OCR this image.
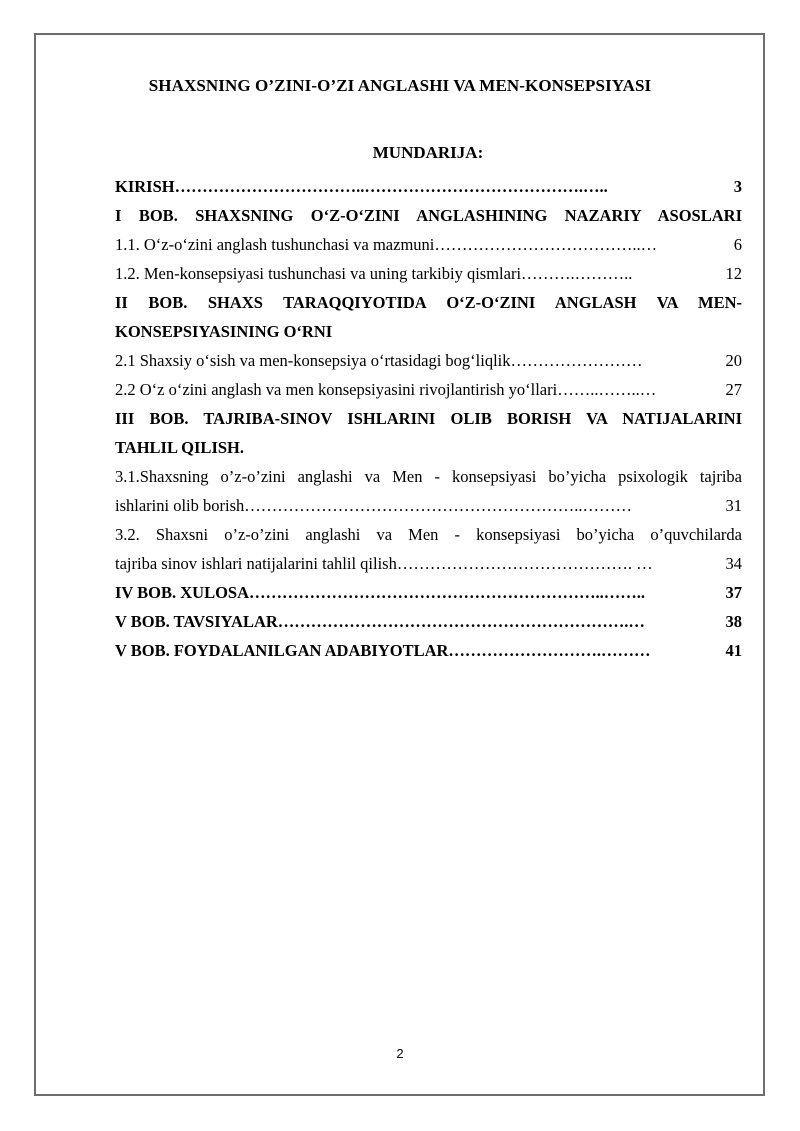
SHAXSNING O’ZINI-O’ZI ANGLASHI VA MEN-KONSEPSIYASI
MUNDARIJA:
KIRISH ……………………………..………………………………….…..	3
I BOB. SHAXSNING O‘Z-O‘ZINI ANGLASHINING NAZARIY ASOSLARI
1.1. O‘z-o‘zini anglash tushunchasi va mazmuni ………………………………..…	6
1.2. Men-konsepsiyasi tushunchasi va uning tarkibiy qismlari ……….………..	12
II BOB. SHAXS TARAQQIYOTIDA O‘Z-O‘ZINI ANGLASH VA MEN-
KONSEPSIYASINING O‘RNI
2.1 Shaxsiy o‘sish va men-konsepsiya o‘rtasidagi bog‘liqlik ……………………	20
2.2 O‘z o‘zini anglash va men konsepsiyasini rivojlantirish yo‘llari ……..……..…	27
III BOB. TAJRIBA-SINOV ISHLARINI OLIB BORISH VA NATIJALARINI
TAHLIL QILISH.
3.1.Shaxsning o’z-o’zini anglashi va Men - konsepsiyasi bo’yicha psixologik tajriba
ishlarini olib borish ……………………………………………………..………	31
3.2. Shaxsni o’z-o’zini anglashi va Men - konsepsiyasi bo’yicha o’quvchilarda
tajriba sinov ishlari natijalarini tahlil qilish ……………………………………. …	34
IV BOB. XULOSA ………………………………………………………..……..	37
V BOB. TAVSIYALAR ……………………………………………………….…	38
V BOB. FOYDALANILGAN ADABIYOTLAR ……………………….………	41
2
